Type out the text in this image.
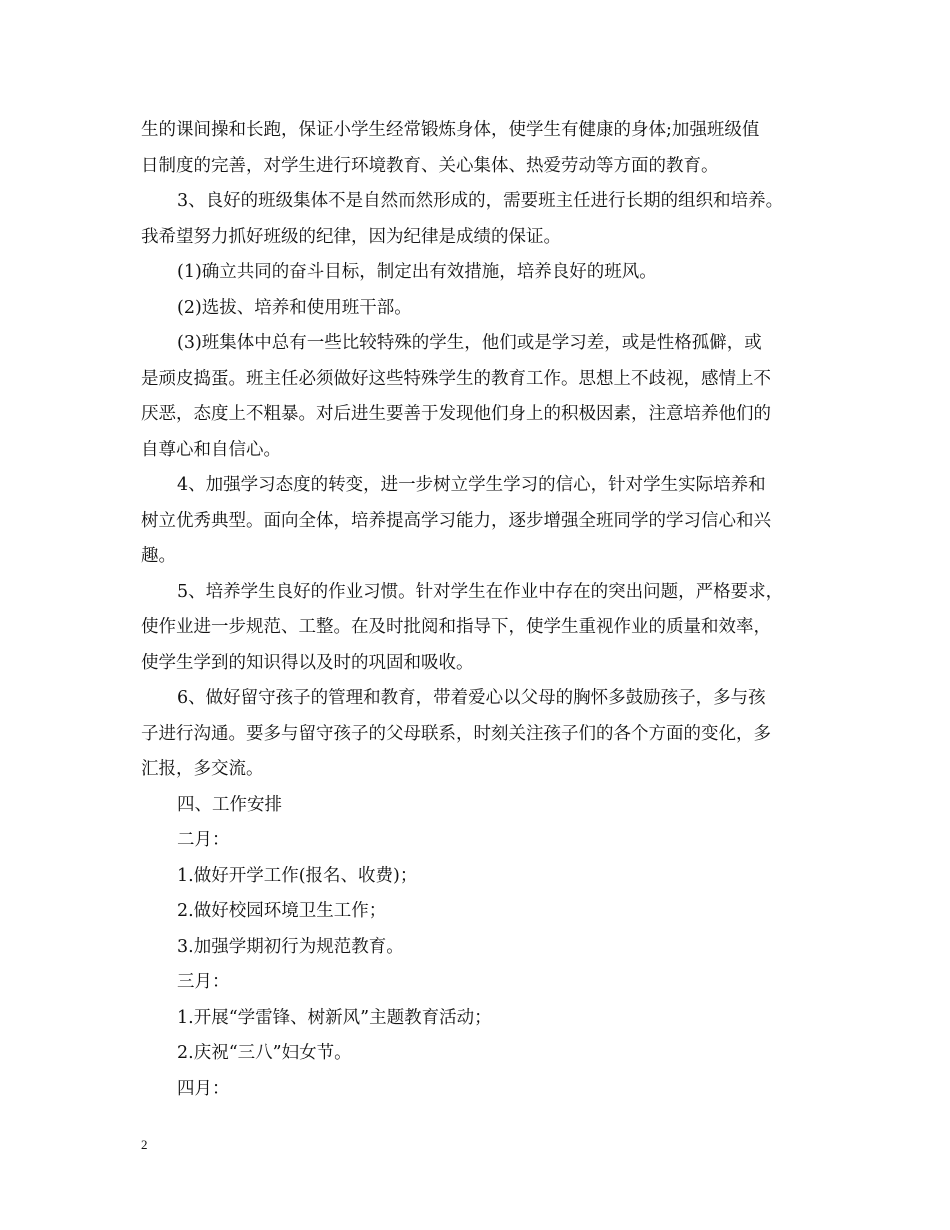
生的课间操和长跑，保证小学生经常锻炼身体，使学生有健康的身体;加强班级值
日制度的完善，对学生进行环境教育、关心集体、热爱劳动等方面的教育。
3、良好的班级集体不是自然而然形成的，需要班主任进行长期的组织和培养。
我希望努力抓好班级的纪律，因为纪律是成绩的保证。
(1)确立共同的奋斗目标，制定出有效措施，培养良好的班风。
(2)选拔、培养和使用班干部。
(3)班集体中总有一些比较特殊的学生，他们或是学习差，或是性格孤僻，或
是顽皮捣蛋。班主任必须做好这些特殊学生的教育工作。思想上不歧视，感情上不
厌恶，态度上不粗暴。对后进生要善于发现他们身上的积极因素，注意培养他们的
自尊心和自信心。
4、加强学习态度的转变，进一步树立学生学习的信心，针对学生实际培养和
树立优秀典型。面向全体，培养提高学习能力，逐步增强全班同学的学习信心和兴
趣。
5、培养学生良好的作业习惯。针对学生在作业中存在的突出问题，严格要求，
使作业进一步规范、工整。在及时批阅和指导下，使学生重视作业的质量和效率，
使学生学到的知识得以及时的巩固和吸收。
6、做好留守孩子的管理和教育，带着爱心以父母的胸怀多鼓励孩子，多与孩
子进行沟通。要多与留守孩子的父母联系，时刻关注孩子们的各个方面的变化，多
汇报，多交流。
四、工作安排
二月：
1.做好开学工作(报名、收费)；
2.做好校园环境卫生工作；
3.加强学期初行为规范教育。
三月：
1.开展“学雷锋、树新风”主题教育活动；
2.庆祝“三八”妇女节。
四月：
2
